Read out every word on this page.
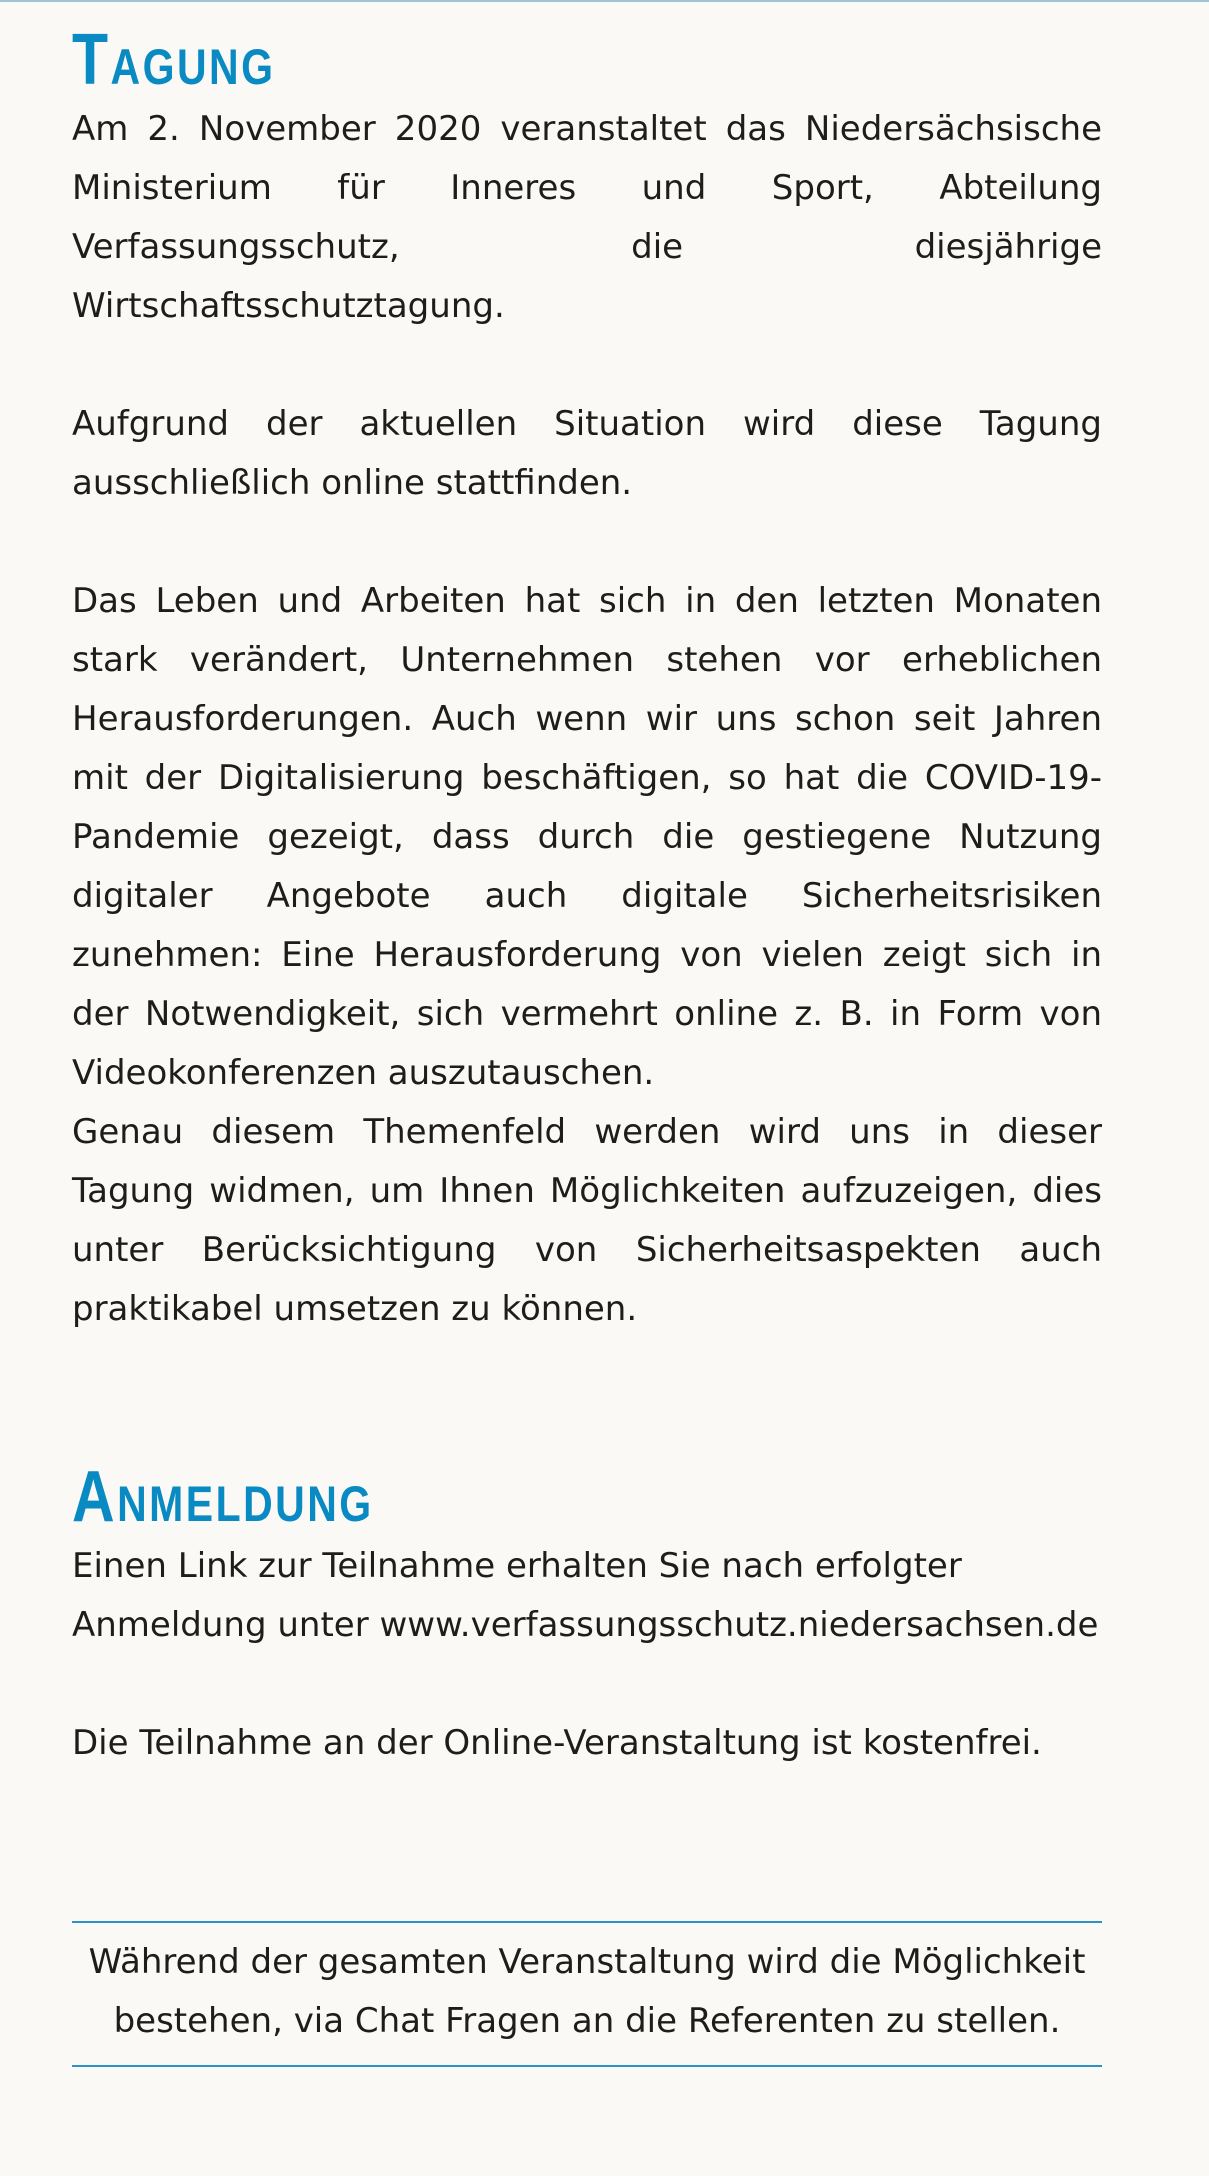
Tagung

Am 2. November 2020 veranstaltet das Niedersächsische Ministerium für Inneres und Sport, Abteilung Verfassungsschutz, die diesjährige Wirtschaftsschutztagung.

Aufgrund der aktuellen Situation wird diese Tagung ausschließlich online stattfinden.

Das Leben und Arbeiten hat sich in den letzten Monaten stark verändert, Unternehmen stehen vor erheblichen Herausforderungen. Auch wenn wir uns schon seit Jahren mit der Digitalisierung beschäftigen, so hat die COVID-19-Pandemie gezeigt, dass durch die gestiegene Nutzung digitaler Angebote auch digitale Sicherheitsrisiken zunehmen: Eine Herausforderung von vielen zeigt sich in der Notwendigkeit, sich vermehrt online z. B. in Form von Videokonferenzen auszutauschen.

Genau diesem Themenfeld werden wird uns in dieser Tagung widmen, um Ihnen Möglichkeiten aufzuzeigen, dies unter Berücksichtigung von Sicherheitsaspekten auch praktikabel umsetzen zu können.

Anmeldung

Einen Link zur Teilnahme erhalten Sie nach erfolgter Anmeldung unter www.verfassungsschutz.niedersachsen.de

Die Teilnahme an der Online-Veranstaltung ist kostenfrei.

Während der gesamten Veranstaltung wird die Möglichkeit

bestehen, via Chat Fragen an die Referenten zu stellen.
